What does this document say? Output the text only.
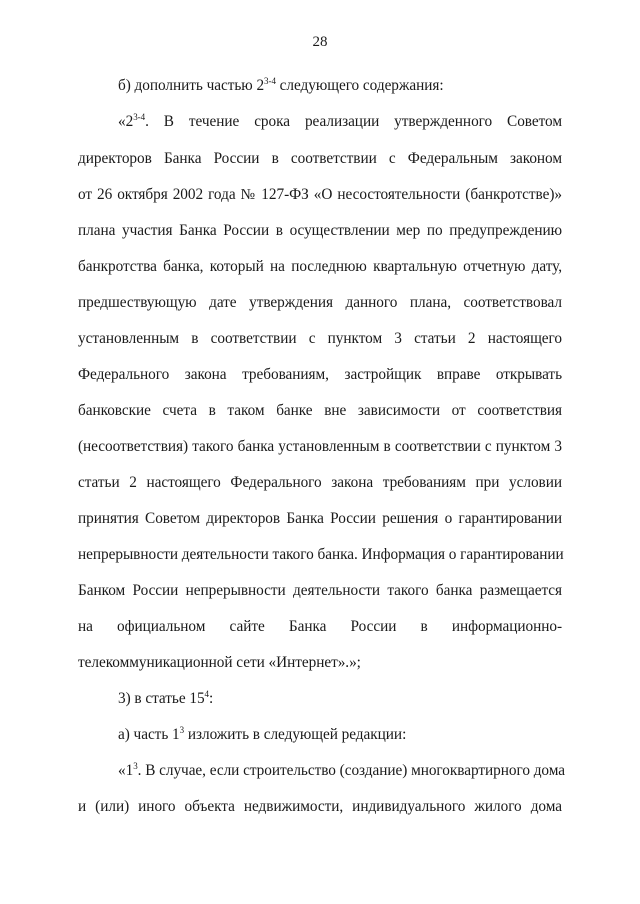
28
б) дополнить частью 2$^{3-4}$ следующего содержания:
«2$^{3-4}$. В течение срока реализации утвержденного Советом
директоров Банка России в соответствии с Федеральным законом
от 26 октября 2002 года № 127-ФЗ «О несостоятельности (банкротстве)»
плана участия Банка России в осуществлении мер по предупреждению
банкротства банка, который на последнюю квартальную отчетную дату,
предшествующую дате утверждения данного плана, соответствовал
установленным в соответствии с пунктом 3 статьи 2 настоящего
Федерального закона требованиям, застройщик вправе открывать
банковские счета в таком банке вне зависимости от соответствия
(несоответствия) такого банка установленным в соответствии с пунктом 3
статьи 2 настоящего Федерального закона требованиям при условии
принятия Советом директоров Банка России решения о гарантировании
непрерывности деятельности такого банка. Информация о гарантировании
Банком России непрерывности деятельности такого банка размещается
на официальном сайте Банка России в информационно-
телекоммуникационной сети «Интернет».»;
3) в статье $15^4$:
а) часть $1^3$ изложить в следующей редакции:
«$1^3$. В случае, если строительство (создание) многоквартирного дома
и (или) иного объекта недвижимости, индивидуального жилого дома
